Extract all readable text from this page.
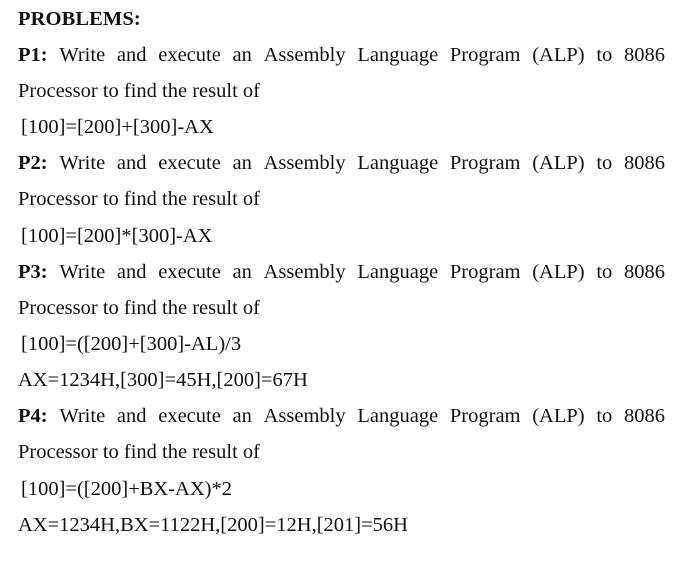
PROBLEMS:
P1: Write and execute an Assembly Language Program (ALP) to 8086
Processor to find the result of
[100]=[200]+[300]-AX
P2: Write and execute an Assembly Language Program (ALP) to 8086
Processor to find the result of
[100]=[200]*[300]-AX
P3: Write and execute an Assembly Language Program (ALP) to 8086
Processor to find the result of
[100]=([200]+[300]-AL)/3
AX=1234H,[300]=45H,[200]=67H
P4: Write and execute an Assembly Language Program (ALP) to 8086
Processor to find the result of
[100]=([200]+BX-AX)*2
AX=1234H,BX=1122H,[200]=12H,[201]=56H
